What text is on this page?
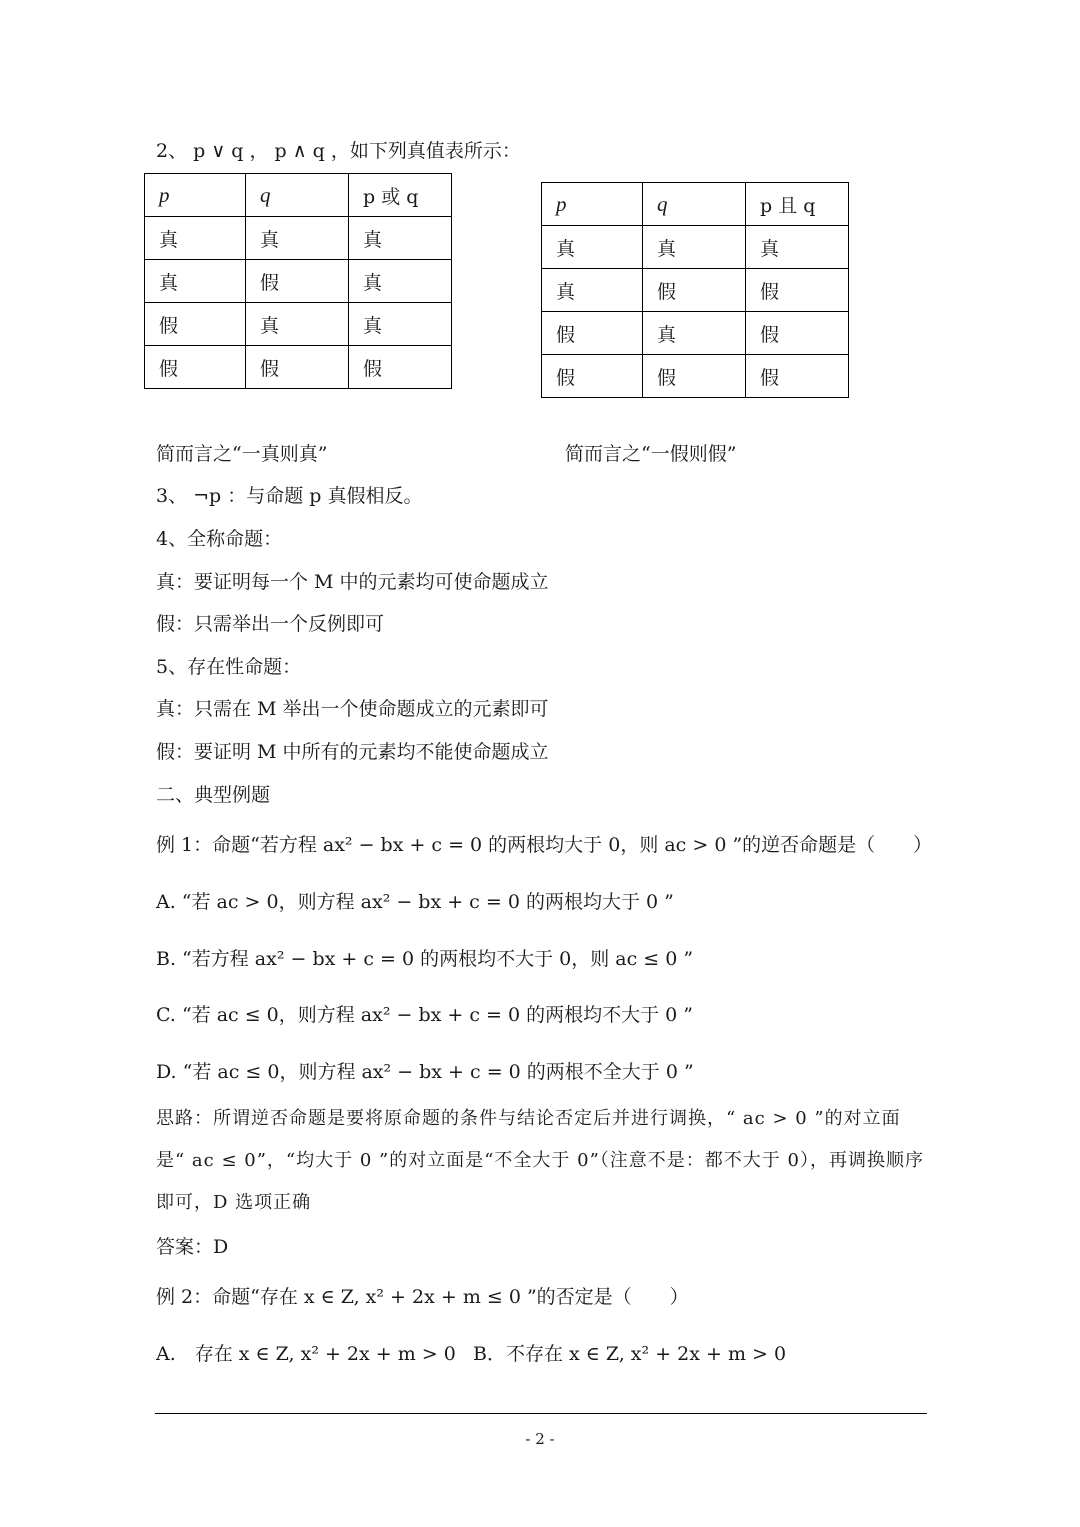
2、 p ∨ q ， p ∧ q ，如下列真值表所示：
p	q	p 或 q
真	真	真
真	假	真
假	真	真
假	假	假
p	q	p 且 q
真	真	真
真	假	假
假	真	假
假	假	假
简而言之“一真则真”	简而言之“一假则假”
3、 ¬p ：与命题 p 真假相反。
4、全称命题：
真：要证明每一个 M 中的元素均可使命题成立
假：只需举出一个反例即可
5、存在性命题：
真：只需在 M 举出一个使命题成立的元素即可
假：要证明 M 中所有的元素均不能使命题成立
二、典型例题
例 1：命题“若方程 ax² − bx + c = 0 的两根均大于 0，则 ac > 0 ”的逆否命题是（　　）
A. “若 ac > 0，则方程 ax² − bx + c = 0 的两根均大于 0 ”
B. “若方程 ax² − bx + c = 0 的两根均不大于 0，则 ac ≤ 0 ”
C. “若 ac ≤ 0，则方程 ax² − bx + c = 0 的两根均不大于 0 ”
D. “若 ac ≤ 0，则方程 ax² − bx + c = 0 的两根不全大于 0 ”
思路：所谓逆否命题是要将原命题的条件与结论否定后并进行调换，“ ac > 0 ”的对立面是“ ac ≤ 0”，“均大于 0 ”的对立面是“不全大于 0”（注意不是：都不大于 0），再调换顺序即可，D 选项正确
答案：D
例 2：命题“存在 x ∈ Z, x² + 2x + m ≤ 0 ”的否定是（　　）
A.　存在 x ∈ Z, x² + 2x + m > 0 B．不存在 x ∈ Z, x² + 2x + m > 0
- 2 -
